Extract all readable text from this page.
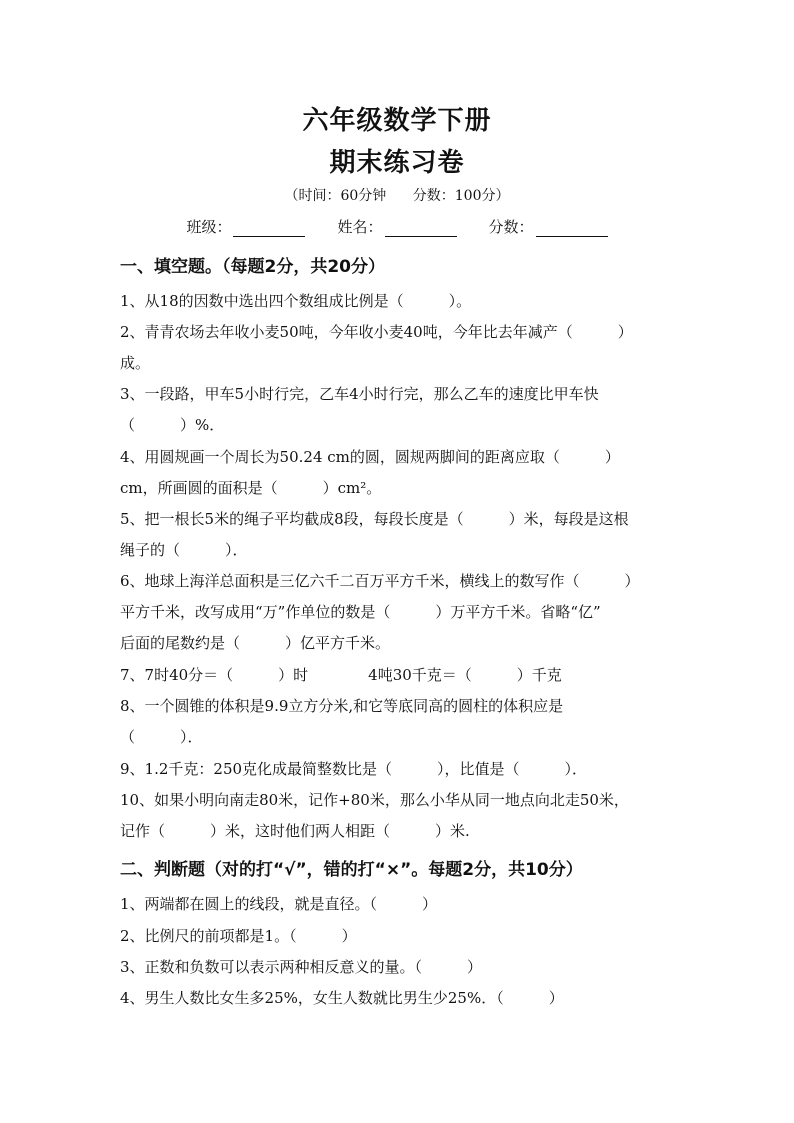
六年级数学下册
期末练习卷
（时间：60分钟 分数：100分）
班级：	姓名：	分数：
一、填空题。（每题2分，共20分）
1、从18的因数中选出四个数组成比例是（　　　）。
2、青青农场去年收小麦50吨，今年收小麦40吨，今年比去年减产（　　　）
成。
3、一段路，甲车5小时行完，乙车4小时行完，那么乙车的速度比甲车快
（　　　）%．
4、用圆规画一个周长为50.24 cm的圆，圆规两脚间的距离应取（　　　）
cm，所画圆的面积是（　　　）cm²。
5、把一根长5米的绳子平均截成8段，每段长度是（　　　）米，每段是这根
绳子的（　　　）．
6、地球上海洋总面积是三亿六千二百万平方千米，横线上的数写作（　　　）
平方千米，改写成用“万”作单位的数是（　　　）万平方千米。省略“亿”
后面的尾数约是（　　　）亿平方千米。
7、7时40分＝（　　　）时　　　　4吨30千克＝（　　　）千克
8、一个圆锥的体积是9.9立方分米,和它等底同高的圆柱的体积应是
（　　　）．
9、1.2千克：250克化成最简整数比是（　　　），比值是（　　　）．
10、如果小明向南走80米，记作+80米，那么小华从同一地点向北走50米，
记作（　　　）米，这时他们两人相距（　　　）米.
二、判断题（对的打“√”，错的打“×”。每题2分，共10分）
1、两端都在圆上的线段，就是直径。（　　　）
2、比例尺的前项都是1。（　　　）
3、正数和负数可以表示两种相反意义的量。（　　　）
4、男生人数比女生多25%，女生人数就比男生少25%．（　　　）
